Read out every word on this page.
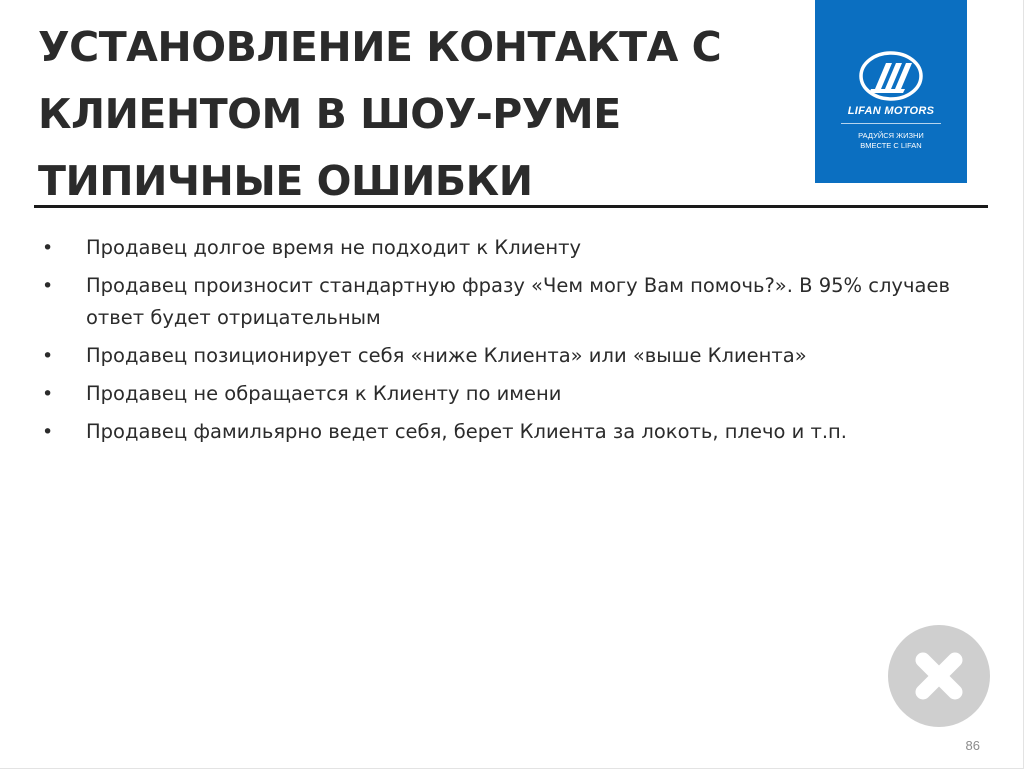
УСТАНОВЛЕНИЕ КОНТАКТА С
КЛИЕНТОМ В ШОУ-РУМЕ
ТИПИЧНЫЕ ОШИБКИ
LIFAN MOTORS
РАДУЙСЯ ЖИЗНИ
ВМЕСТЕ С LIFAN
•	Продавец долгое время не подходит к Клиенту
•	Продавец произносит стандартную фразу «Чем могу Вам помочь?». В 95% случаев ответ будет отрицательным
•	Продавец позиционирует себя «ниже Клиента» или «выше Клиента»
•	Продавец не обращается к Клиенту по имени
•	Продавец фамильярно ведет себя, берет Клиента за локоть, плечо и т.п.
86
